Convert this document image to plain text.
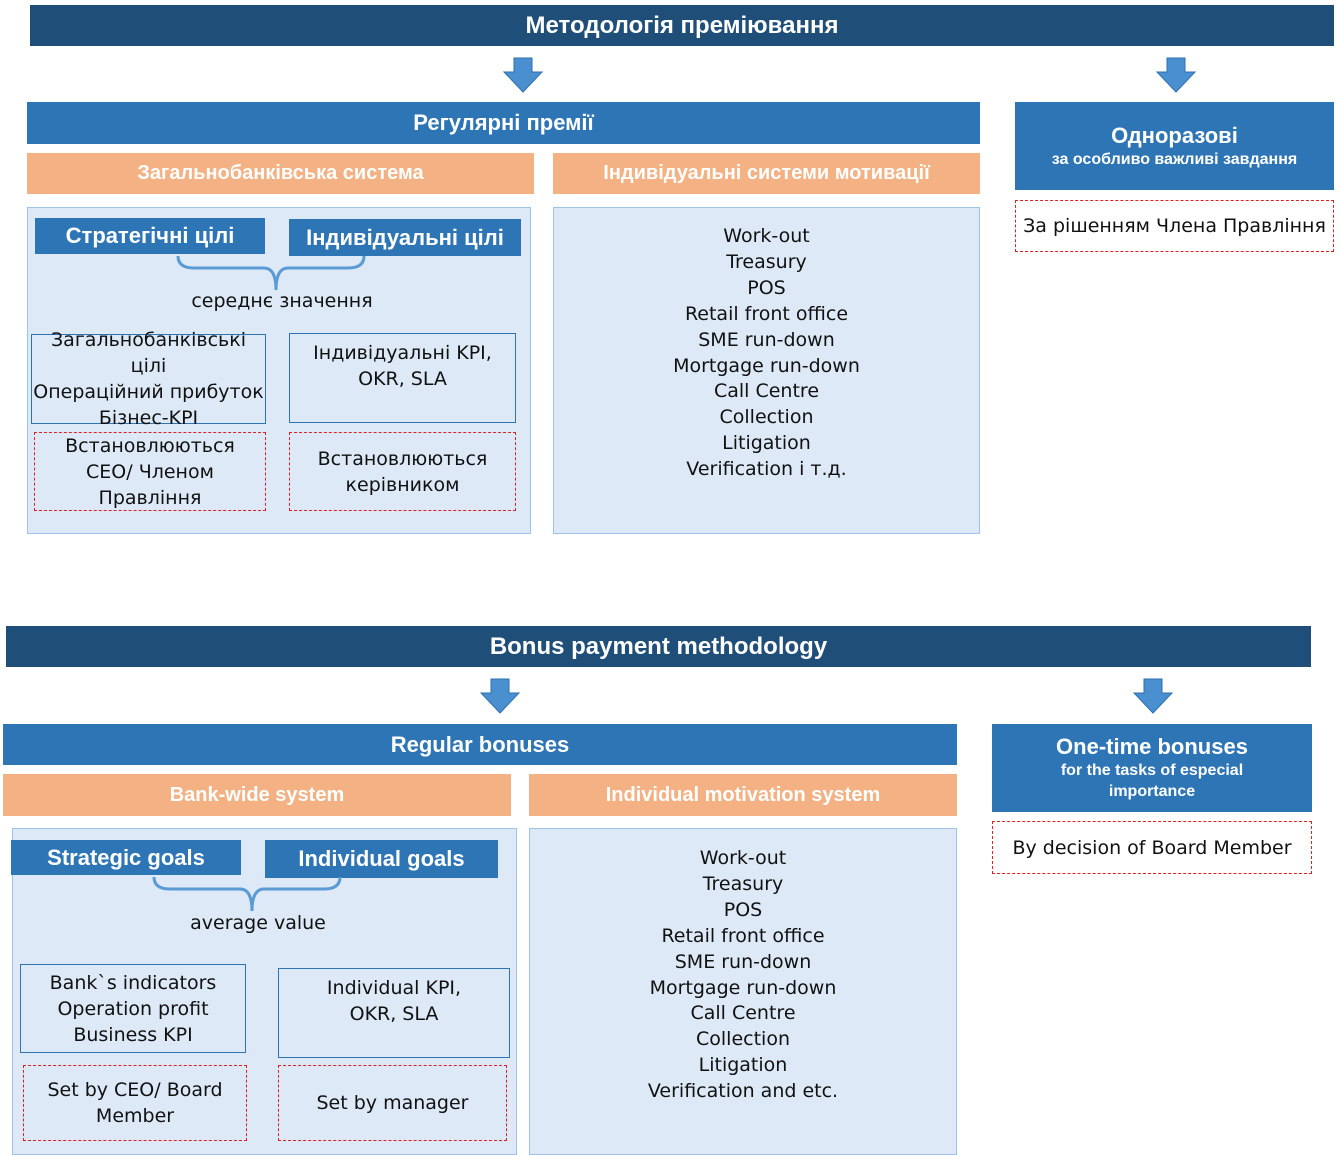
Методологія преміювання
Регулярні премії	Одноразові
за особливо важливі завдання
За рішенням Члена Правління
Загальнобанківська система	Індивідуальні системи мотивації
Стратегічні цілі	Індивідуальні цілі
середнє значення
Загальнобанківські цілі
Операційний прибуток
Бізнес-KPI
Індивідуальні KPI,
OKR, SLA
Встановлюються
CEO/ Членом
Правління
Встановлюються
керівником
Work-out
Treasury
POS
Retail front office
SME run-down
Mortgage run-down
Call Centre
Collection
Litigation
Verification і т.д.
Bonus payment methodology
Regular bonuses	One-time bonuses
for the tasks of especial
importance
By decision of Board Member
Bank-wide system	Individual motivation system
Strategic goals	Individual goals
average value
Bank`s indicators
Operation profit
Business KPI
Individual KPI,
OKR, SLA
Set by CEO/ Board
Member
Set by manager
Work-out
Treasury
POS
Retail front office
SME run-down
Mortgage run-down
Call Centre
Collection
Litigation
Verification and etc.
